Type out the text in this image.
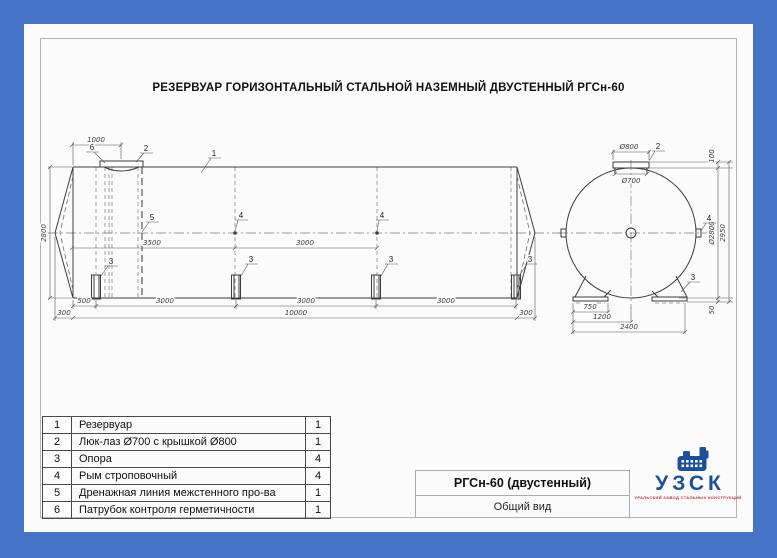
РЕЗЕРВУАР ГОРИЗОНТАЛЬНЫЙ СТАЛЬНОЙ НАЗЕМНЫЙ ДВУСТЕННЫЙ РГСн-60
1000
2800
3500	3000
500	3000	3000	3000
300	10000	300
6	2
1
5	4	4
3	3	3	3
Ø800
Ø700
100
Ø2800 2950
50
750
1200
2400
2
4
3
1	Резервуар	1
2	Люк-лаз Ø700 с крышкой Ø800	1
3	Опора	4
4	Рым строповочный	4
5	Дренажная линия межстенного про-ва	1
6	Патрубок контроля герметичности	1
РГСн-60 (двустенный)
Общий вид
УЗСК
УРАЛЬСКИЙ ЗАВОД СТАЛЬНЫХ КОНСТРУКЦИЙ
